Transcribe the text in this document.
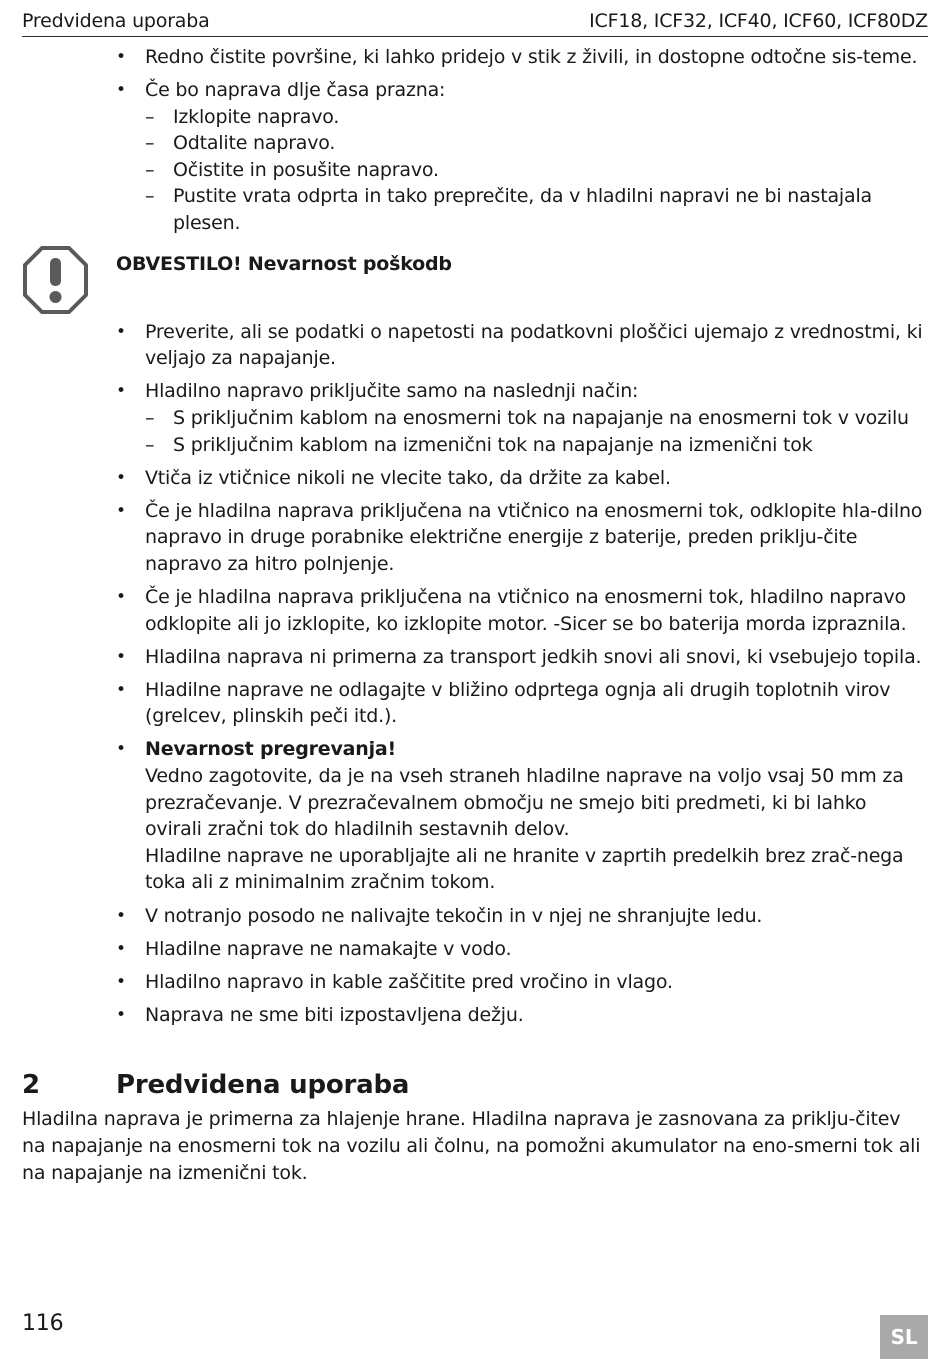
Predvidena uporaba	ICF18, ICF32, ICF40, ICF60, ICF80DZ
• Redno čistite površine, ki lahko pridejo v stik z živili, in dostopne odtočne sis-teme.
• Če bo naprava dlje časa prazna:
– Izklopite napravo.
– Odtalite napravo.
– Očistite in posušite napravo.
– Pustite vrata odprta in tako preprečite, da v hladilni napravi ne bi nastajala plesen.
OBVESTILO! Nevarnost poškodb
• Preverite, ali se podatki o napetosti na podatkovni ploščici ujemajo z vrednostmi, ki veljajo za napajanje.
• Hladilno napravo priključite samo na naslednji način:
– S priključnim kablom na enosmerni tok na napajanje na enosmerni tok v vozilu
– S priključnim kablom na izmenični tok na napajanje na izmenični tok
• Vtiča iz vtičnice nikoli ne vlecite tako, da držite za kabel.
• Če je hladilna naprava priključena na vtičnico na enosmerni tok, odklopite hla-dilno napravo in druge porabnike električne energije z baterije, preden priklju-čite napravo za hitro polnjenje.
• Če je hladilna naprava priključena na vtičnico na enosmerni tok, hladilno napravo odklopite ali jo izklopite, ko izklopite motor. -Sicer se bo baterija morda izpraznila.
• Hladilna naprava ni primerna za transport jedkih snovi ali snovi, ki vsebujejo topila.
• Hladilne naprave ne odlagajte v bližino odprtega ognja ali drugih toplotnih virov (grelcev, plinskih peči itd.).
• Nevarnost pregrevanja!
Vedno zagotovite, da je na vseh straneh hladilne naprave na voljo vsaj 50 mm za prezračevanje. V prezračevalnem območju ne smejo biti predmeti, ki bi lahko ovirali zračni tok do hladilnih sestavnih delov.
Hladilne naprave ne uporabljajte ali ne hranite v zaprtih predelkih brez zrač-nega toka ali z minimalnim zračnim tokom.
• V notranjo posodo ne nalivajte tekočin in v njej ne shranjujte ledu.
• Hladilne naprave ne namakajte v vodo.
• Hladilno napravo in kable zaščitite pred vročino in vlago.
• Naprava ne sme biti izpostavljena dežju.
2	Predvidena uporaba
Hladilna naprava je primerna za hlajenje hrane. Hladilna naprava je zasnovana za priklju-čitev na napajanje na enosmerni tok na vozilu ali čolnu, na pomožni akumulator na eno-smerni tok ali na napajanje na izmenični tok.
116
SL
